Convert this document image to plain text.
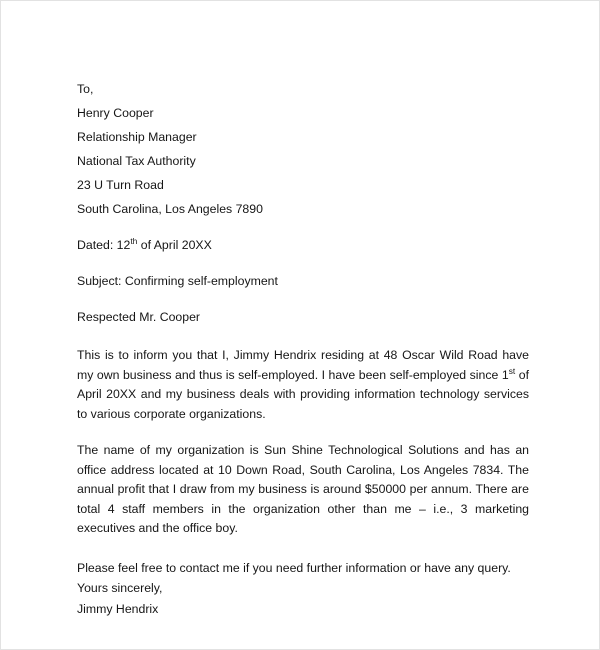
To,
Henry Cooper
Relationship Manager
National Tax Authority
23 U Turn Road
South Carolina, Los Angeles 7890
Dated: 12th of April 20XX
Subject: Confirming self-employment
Respected Mr. Cooper

This is to inform you that I, Jimmy Hendrix residing at 48 Oscar Wild Road have my own business and thus is self-employed. I have been self-employed since 1st of April 20XX and my business deals with providing information technology services to various corporate organizations.

The name of my organization is Sun Shine Technological Solutions and has an office address located at 10 Down Road, South Carolina, Los Angeles 7834. The annual profit that I draw from my business is around $50000 per annum. There are total 4 staff members in the organization other than me – i.e., 3 marketing executives and the office boy.

Please feel free to contact me if you need further information or have any query.
Yours sincerely,
Jimmy Hendrix
